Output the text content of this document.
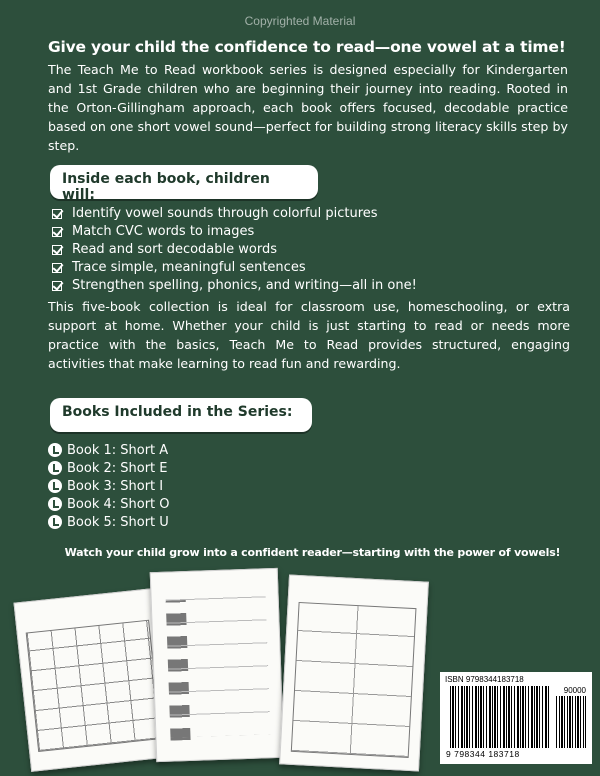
Copyrighted Material
Give your child the confidence to read—one vowel at a time!

The Teach Me to Read workbook series is designed especially for Kindergarten and 1st Grade children who are beginning their journey into reading. Rooted in the Orton-Gillingham approach, each book offers focused, decodable practice based on one short vowel sound—perfect for building strong literacy skills step by step.

Inside each book, children will:
Identify vowel sounds through colorful pictures
Match CVC words to images
Read and sort decodable words
Trace simple, meaningful sentences
Strengthen spelling, phonics, and writing—all in one!

This five-book collection is ideal for classroom use, homeschooling, or extra support at home. Whether your child is just starting to read or needs more practice with the basics, Teach Me to Read provides structured, engaging activities that make learning to read fun and rewarding.

Books Included in the Series:
Book 1: Short A
Book 2: Short E
Book 3: Short I
Book 4: Short O
Book 5: Short U
Watch your child grow into a confident reader—starting with the power of vowels!
ISBN 9798344183718
90000
9 798344 183718
